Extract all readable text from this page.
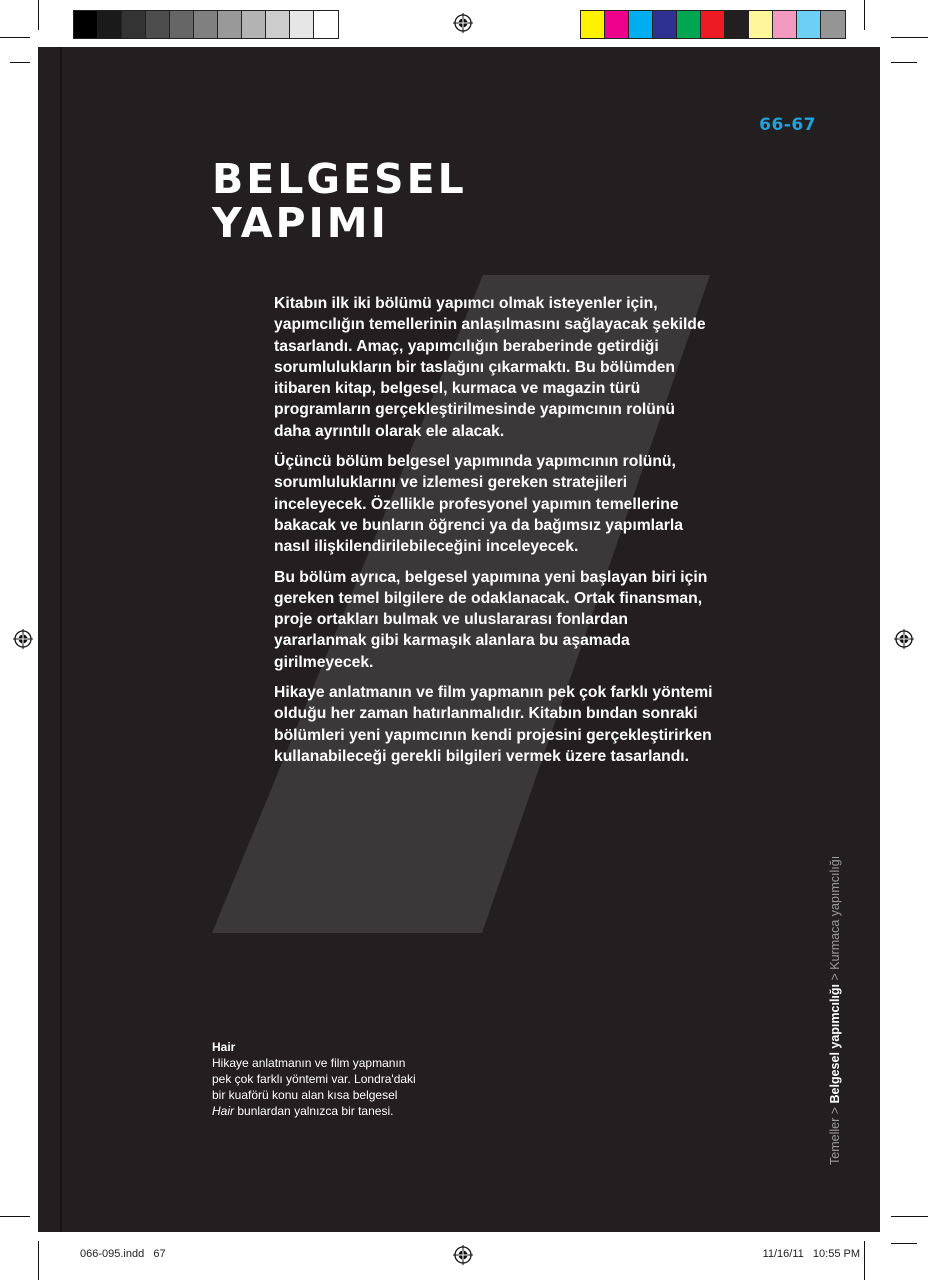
66-67
BELGESEL
YAPIMI

Kitabın ilk iki bölümü yapımcı olmak isteyenler için, yapımcılığın temellerinin anlaşılmasını sağlayacak şekilde tasarlandı. Amaç, yapımcılığın beraberinde getirdiği sorumlulukların bir taslağını çıkarmaktı. Bu bölümden itibaren kitap, belgesel, kurmaca ve magazin türü programların gerçekleştirilmesinde yapımcının rolünü daha ayrıntılı olarak ele alacak.

Üçüncü bölüm belgesel yapımında yapımcının rolünü, sorumluluklarını ve izlemesi gereken stratejileri inceleyecek. Özellikle profesyonel yapımın temellerine bakacak ve bunların öğrenci ya da bağımsız yapımlarla nasıl ilişkilendirilebileceğini inceleyecek.

Bu bölüm ayrıca, belgesel yapımına yeni başlayan biri için gereken temel bilgilere de odaklanacak. Ortak finansman, proje ortakları bulmak ve uluslararası fonlardan yararlanmak gibi karmaşık alanlara bu aşamada girilmeyecek.

Hikaye anlatmanın ve film yapmanın pek çok farklı yöntemi olduğu her zaman hatırlanmalıdır. Kitabın bından sonraki bölümleri yeni yapımcının kendi projesini gerçekleştirirken kullanabileceği gerekli bilgileri vermek üzere tasarlandı.

Hair
Hikaye anlatmanın ve film yapmanın
pek çok farklı yöntemi var. Londra'daki
bir kuaförü konu alan kısa belgesel
Hair bunlardan yalnızca bir tanesi.
Temeller > Belgesel yapımcılığı > Kurmaca yapımcılığı
066-095.indd   67	11/16/11   10:55 PM
